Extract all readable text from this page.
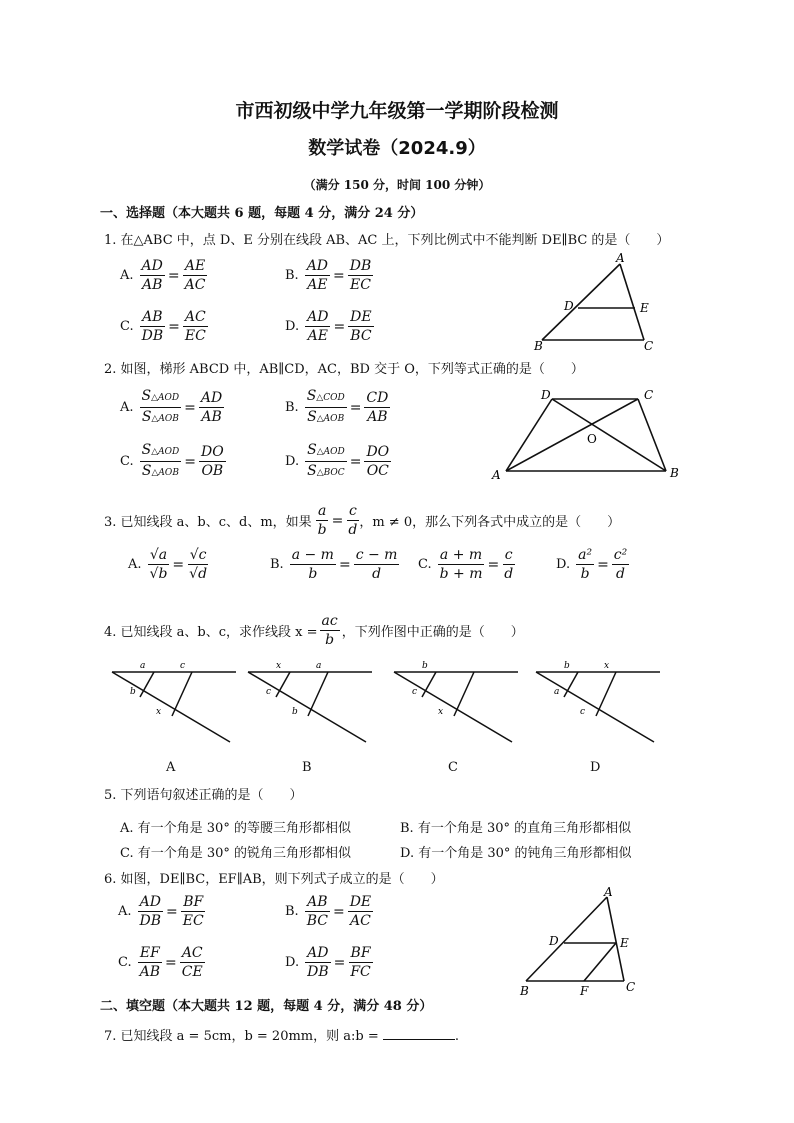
市西初级中学九年级第一学期阶段检测
数学试卷（2024.9）
（满分 150 分，时间 100 分钟）
一、选择题（本大题共 6 题，每题 4 分，满分 24 分）
1. 在△ABC 中，点 D、E 分别在线段 AB、AC 上，下列比例式中不能判断 DE∥BC 的是（　　）
A. $\frac{AD}{AB} = \frac{AE}{AC}$	B. $\frac{AD}{AE} = \frac{DB}{EC}$
C. $\frac{AB}{DB} = \frac{AC}{EC}$	D. $\frac{AD}{AE} = \frac{DE}{BC}$
A
D	E
B	C
2. 如图，梯形 ABCD 中，AB∥CD，AC，BD 交于 O，下列等式正确的是（　　）
A. $\frac{\text{S△AOD}}{\text{S△AOB}} = \frac{AD}{AB}$	B. $\frac{\text{S△COD}}{\text{S△AOB}} = \frac{CD}{AB}$
C. $\frac{\text{S△AOD}}{\text{S△AOB}} = \frac{DO}{OB}$	D. $\frac{\text{S△AOD}}{\text{S△BOC}} = \frac{DO}{OC}$
D	C
O
A	B
3. 已知线段 a、b、c、d、m，如果 $\frac{a}{b} = \frac{c}{d}$ ，m ≠ 0，那么下列各式中成立的是（　　）
A. $\frac{√a}{√b} = \frac{√c}{√d}$	B. $\frac{a - m}{b} = \frac{c - m}{d} C$. $\frac{a + m}{b + m} = \frac{c}{d}$	D. $\frac{\text{a²}}{b} = \frac{\text{c²}}{d}$
4. 已知线段 a、b、c，求作线段 $x = \frac{ac}{b}$ ，下列作图中正确的是（　　）
a	c
b
x
A
x	a
c
b
B
b
c
x
C
b	x
a
c
D
5. 下列语句叙述正确的是（　　）
A. 有一个角是 30° 的等腰三角形都相似	B. 有一个角是 30° 的直角三角形都相似
C. 有一个角是 30° 的锐角三角形都相似	D. 有一个角是 30° 的钝角三角形都相似
6. 如图，DE∥BC，EF∥AB，则下列式子成立的是（　　）
A. $\frac{AD}{DB} = \frac{BF}{EC}$	B. $\frac{AB}{BC} = \frac{DE}{AC}$
C. $\frac{EF}{AB} = \frac{AC}{CE}$	D. $\frac{AD}{DB} = \frac{BF}{FC}$
A
D	E
B	F	C
二、填空题（本大题共 12 题，每题 4 分，满分 48 分）
7. 已知线段 a = 5cm，b = 20mm，则 a:b =	.
